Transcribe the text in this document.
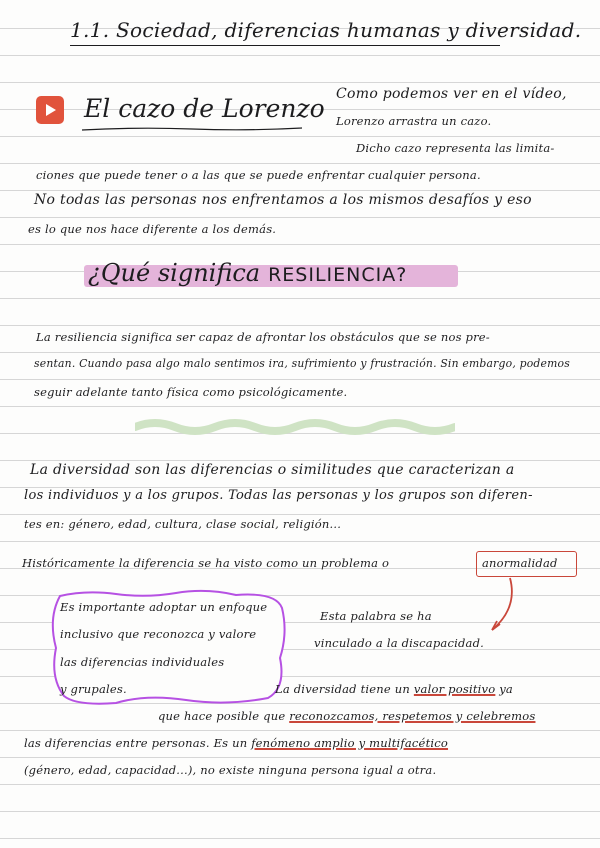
1.1. Sociedad, diferencias humanas y diversidad.
El cazo de Lorenzo Como podemos ver en el vídeo,
Lorenzo arrastra un cazo.
Dicho cazo representa las limita-
ciones que puede tener o a las que se puede enfrentar cualquier persona.
No todas las personas nos enfrentamos a los mismos desafíos y eso
es lo que nos hace diferente a los demás.
¿Qué significa RESILIENCIA?
La resiliencia significa ser capaz de afrontar los obstáculos que se nos pre-
sentan. Cuando pasa algo malo sentimos ira, sufrimiento y frustración. Sin embargo, podemos
seguir adelante tanto física como psicológicamente.
La diversidad son las diferencias o similitudes que caracterizan a
los individuos y a los grupos. Todas las personas y los grupos son diferen-
tes en: género, edad, cultura, clase social, religión...
Históricamente la diferencia se ha visto como un problema o	anormalidad
Es importante adoptar un enfoque
inclusivo que reconozca y valore
las diferencias individuales
y grupales.
Esta palabra se ha
vinculado a la discapacidad.
La diversidad tiene un valor positivo ya
que hace posible que reconozcamos, respetemos y celebremos
las diferencias entre personas. Es un fenómeno amplio y multifacético
(género, edad, capacidad...), no existe ninguna persona igual a otra.
